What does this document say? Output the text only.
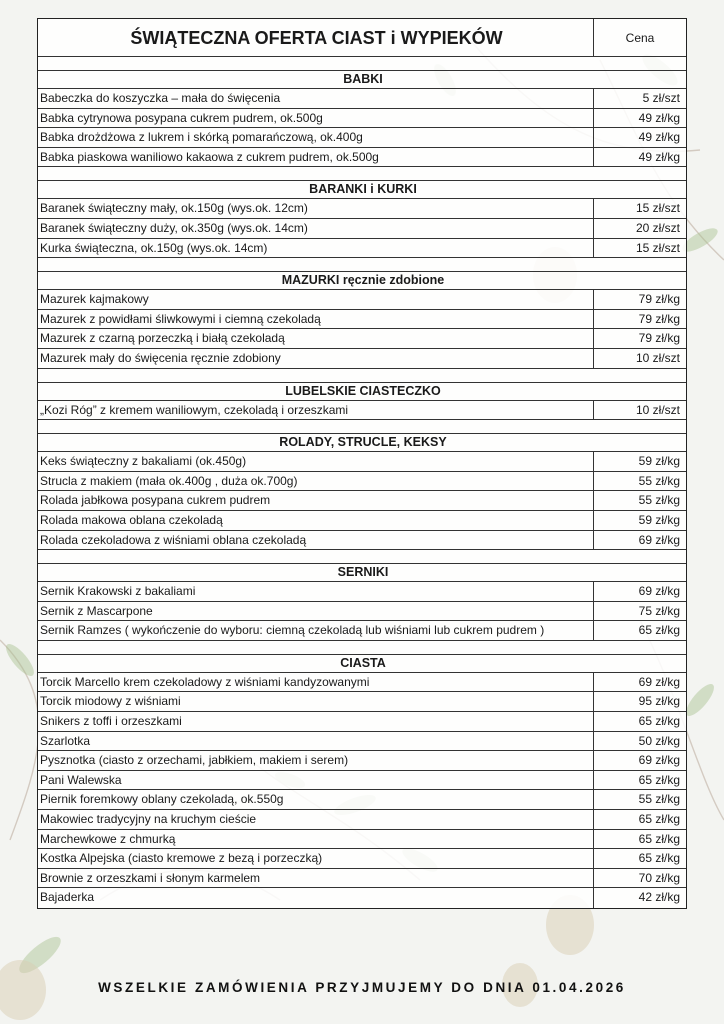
ŚWIĄTECZNA OFERTA CIAST i WYPIEKÓW	Cena
BABKI
Babeczka do koszyczka – mała do święcenia	5 zł/szt
Babka cytrynowa posypana cukrem pudrem, ok.500g	49 zł/kg
Babka drożdżowa z lukrem i skórką pomarańczową, ok.400g	49 zł/kg
Babka piaskowa waniliowo kakaowa z cukrem pudrem, ok.500g	49 zł/kg
BARANKI i KURKI
Baranek świąteczny mały, ok.150g (wys.ok. 12cm)	15 zł/szt
Baranek świąteczny duży, ok.350g (wys.ok. 14cm)	20 zł/szt
Kurka świąteczna, ok.150g (wys.ok. 14cm)	15 zł/szt
MAZURKI ręcznie zdobione
Mazurek kajmakowy	79 zł/kg
Mazurek z powidłami śliwkowymi i ciemną czekoladą	79 zł/kg
Mazurek z czarną porzeczką i białą czekoladą	79 zł/kg
Mazurek mały do święcenia ręcznie zdobiony	10 zł/szt
LUBELSKIE CIASTECZKO
„Kozi Róg” z kremem waniliowym, czekoladą i orzeszkami	10 zł/szt
ROLADY, STRUCLE, KEKSY
Keks świąteczny z bakaliami (ok.450g)	59 zł/kg
Strucla z makiem (mała ok.400g , duża ok.700g)	55 zł/kg
Rolada jabłkowa posypana cukrem pudrem	55 zł/kg
Rolada makowa oblana czekoladą	59 zł/kg
Rolada czekoladowa z wiśniami oblana czekoladą	69 zł/kg
SERNIKI
Sernik Krakowski z bakaliami	69 zł/kg
Sernik z Mascarpone	75 zł/kg
Sernik Ramzes ( wykończenie do wyboru: ciemną czekoladą lub wiśniami lub cukrem pudrem )	65 zł/kg
CIASTA
Torcik Marcello krem czekoladowy z wiśniami kandyzowanymi	69 zł/kg
Torcik miodowy z wiśniami	95 zł/kg
Snikers z toffi i orzeszkami	65 zł/kg
Szarlotka	50 zł/kg
Pysznotka (ciasto z orzechami, jabłkiem, makiem i serem)	69 zł/kg
Pani Walewska	65 zł/kg
Piernik foremkowy oblany czekoladą, ok.550g	55 zł/kg
Makowiec tradycyjny na kruchym cieście	65 zł/kg
Marchewkowe z chmurką	65 zł/kg
Kostka Alpejska (ciasto kremowe z bezą i porzeczką)	65 zł/kg
Brownie z orzeszkami i słonym karmelem	70 zł/kg
Bajaderka	42 zł/kg
WSZELKIE ZAMÓWIENIA PRZYJMUJEMY DO DNIA 01.04.2026
